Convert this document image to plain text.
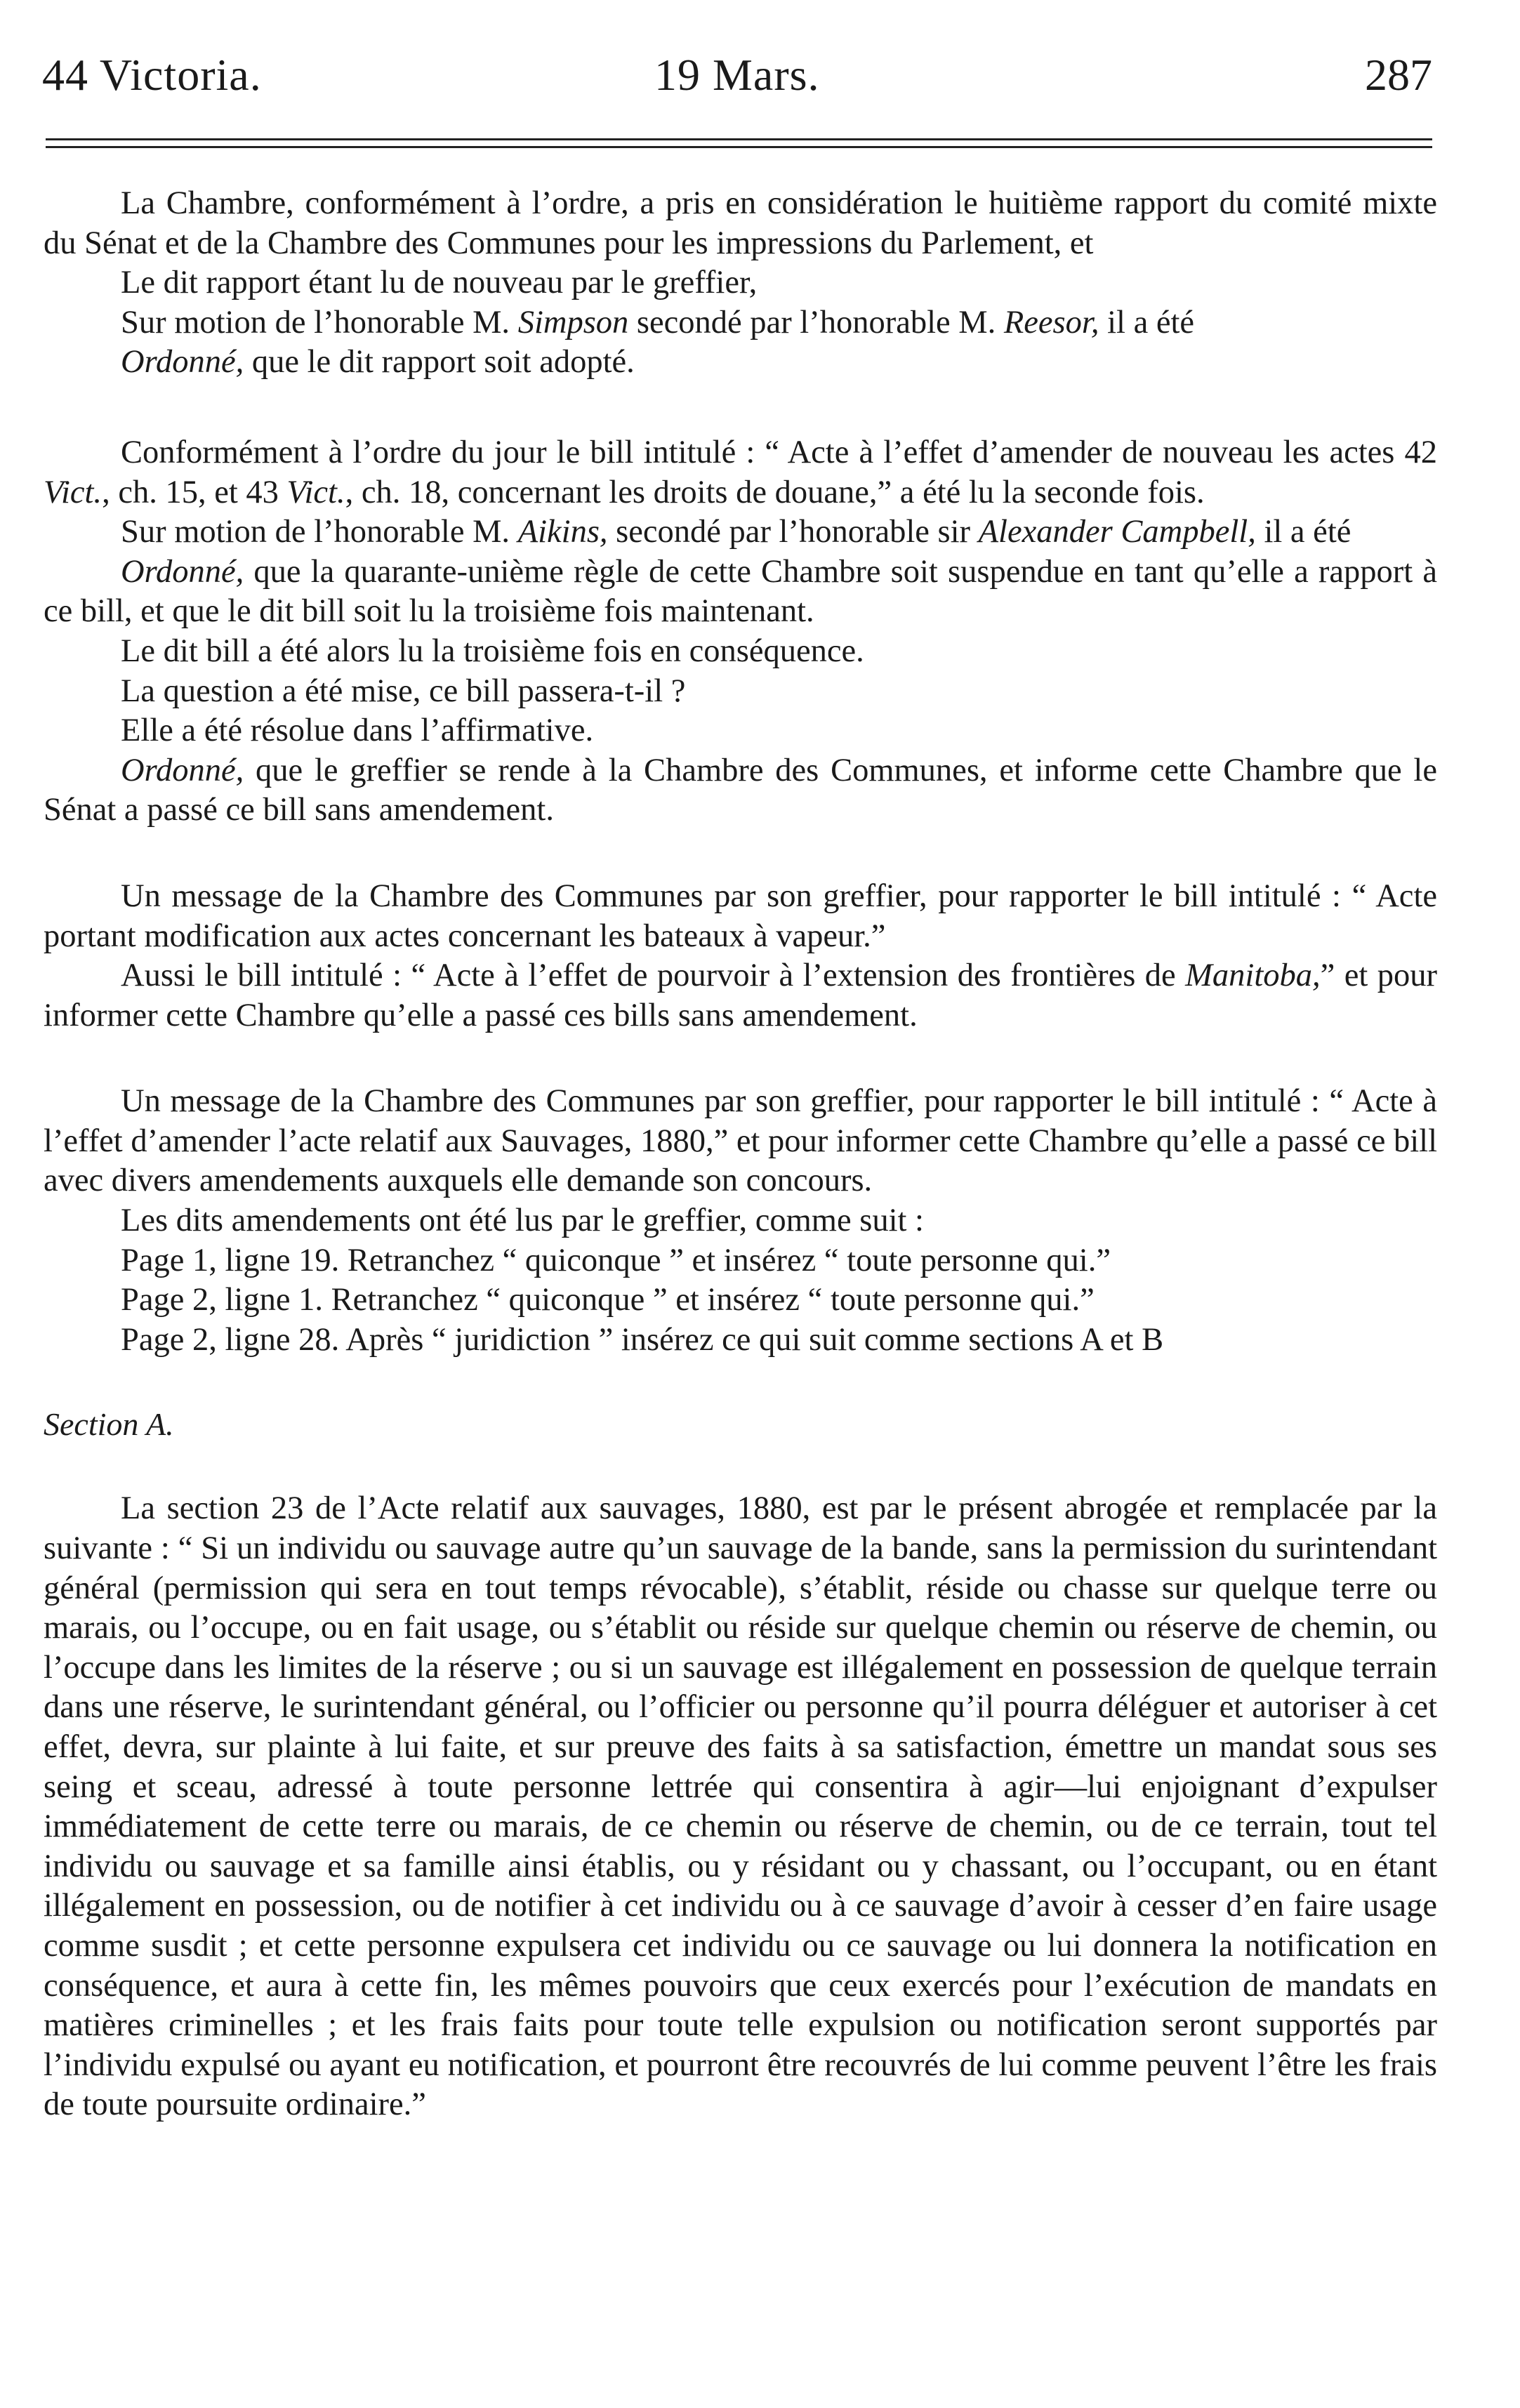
44 Victoria.	19 Mars.	287

La Chambre, conformément à l’ordre, a pris en considération le huitième rapport du comité mixte du Sénat et de la Chambre des Communes pour les impressions du Parlement, et

Le dit rapport étant lu de nouveau par le greffier,

Sur motion de l’honorable M. Simpson secondé par l’honorable M. Reesor, il a été

Ordonné, que le dit rapport soit adopté.

Conformément à l’ordre du jour le bill intitulé : “ Acte à l’effet d’amender de nouveau les actes 42 Vict., ch. 15, et 43 Vict., ch. 18, concernant les droits de douane,” a été lu la seconde fois.

Sur motion de l’honorable M. Aikins, secondé par l’honorable sir Alexander Campbell, il a été

Ordonné, que la quarante-unième règle de cette Chambre soit suspendue en tant qu’elle a rapport à ce bill, et que le dit bill soit lu la troisième fois maintenant.

Le dit bill a été alors lu la troisième fois en conséquence.

La question a été mise, ce bill passera-t-il ?

Elle a été résolue dans l’affirmative.

Ordonné, que le greffier se rende à la Chambre des Communes, et informe cette Chambre que le Sénat a passé ce bill sans amendement.

Un message de la Chambre des Communes par son greffier, pour rapporter le bill intitulé : “ Acte portant modification aux actes concernant les bateaux à vapeur.”

Aussi le bill intitulé : “ Acte à l’effet de pourvoir à l’extension des frontières de Manitoba,” et pour informer cette Chambre qu’elle a passé ces bills sans amendement.

Un message de la Chambre des Communes par son greffier, pour rapporter le bill intitulé : “ Acte à l’effet d’amender l’acte relatif aux Sauvages, 1880,” et pour informer cette Chambre qu’elle a passé ce bill avec divers amendements auxquels elle demande son concours.

Les dits amendements ont été lus par le greffier, comme suit :

Page 1, ligne 19. Retranchez “ quiconque ” et insérez “ toute personne qui.”

Page 2, ligne 1. Retranchez “ quiconque ” et insérez “ toute personne qui.”

Page 2, ligne 28. Après “ juridiction ” insérez ce qui suit comme sections A et B

Section A.

La section 23 de l’Acte relatif aux sauvages, 1880, est par le présent abrogée et remplacée par la suivante : “ Si un individu ou sauvage autre qu’un sauvage de la bande, sans la permission du surintendant général (permission qui sera en tout temps révocable), s’établit, réside ou chasse sur quelque terre ou marais, ou l’occupe, ou en fait usage, ou s’établit ou réside sur quelque chemin ou réserve de chemin, ou l’occupe dans les limites de la réserve ; ou si un sauvage est illégalement en possession de quelque terrain dans une réserve, le surintendant général, ou l’officier ou personne qu’il pourra déléguer et autoriser à cet effet, devra, sur plainte à lui faite, et sur preuve des faits à sa satisfaction, émettre un mandat sous ses seing et sceau, adressé à toute personne lettrée qui consentira à agir—lui enjoignant d’expulser immédiatement de cette terre ou marais, de ce chemin ou réserve de chemin, ou de ce terrain, tout tel individu ou sauvage et sa famille ainsi établis, ou y résidant ou y chassant, ou l’occupant, ou en étant illégalement en possession, ou de notifier à cet individu ou à ce sauvage d’avoir à cesser d’en faire usage comme susdit ; et cette personne expulsera cet individu ou ce sauvage ou lui donnera la notification en conséquence, et aura à cette fin, les mêmes pouvoirs que ceux exercés pour l’exécution de mandats en matières criminelles ; et les frais faits pour toute telle expulsion ou notification seront supportés par l’individu expulsé ou ayant eu notification, et pourront être recouvrés de lui comme peuvent l’être les frais de toute poursuite ordinaire.”
